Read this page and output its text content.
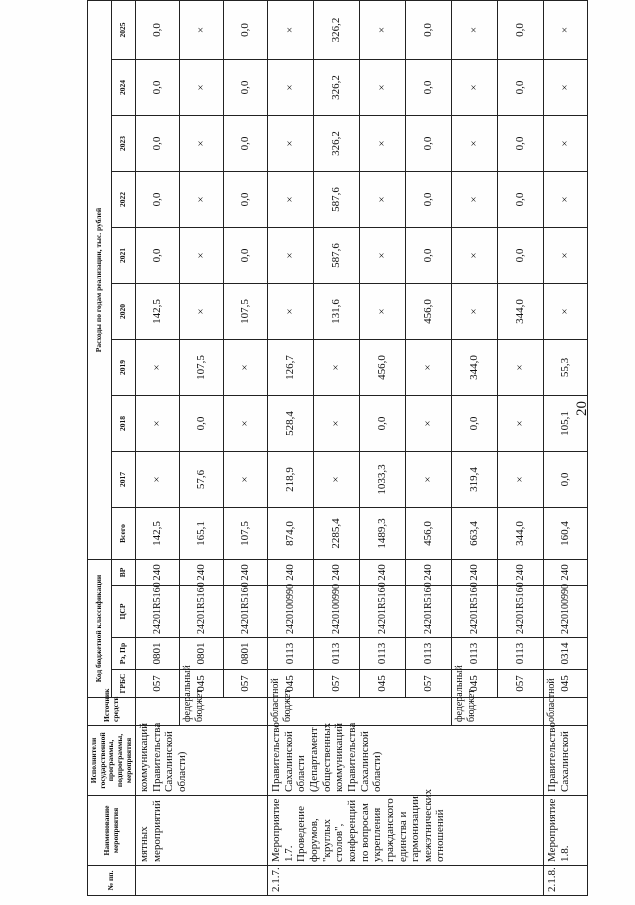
20
№ пп.	Наименование мероприятия	Исполнители государственной программы, подпрограммы, мероприятия	Источник средств	Код бюджетной классификации				Расходы по годам реализации, тыс. рублей									
				ГРБС	Рз, Пр	ЦСР	ВР	Всего	2017	2018	2019	2020	2021	2022	2023	2024	2025
	мятных мероприятий	коммуникаций Правительства Сахалинской области)		057	0801	24201R5160	240	142,5	×	×	×	142,5	0,0	0,0	0,0	0,0	0,0
			федеральный бюджет	045	0801	24201R5160	240	165,1	57,6	0,0	107,5	×	×	×	×	×	×
				057	0801	24201R5160	240	107,5	×	×	×	107,5	0,0	0,0	0,0	0,0	0,0
2.1.7.	Мероприятие 1.7. Проведение форумов, "круглых столов", конференций по вопросам укрепления гражданского единства и гармонизации межэтнических отношений	Правительство Сахалинской области (Департамент общественных коммуникаций Правительства Сахалинской области)	областной бюджет	045	0113	2420100990	240	874,0	218,9	528,4	126,7	×	×	×	×	×	×
				057	0113	2420100990	240	2285,4	×	×	×	131,6	587,6	587,6	326,2	326,2	326,2
				045	0113	24201R5160	240	1489,3	1033,3	0,0	456,0	×	×	×	×	×	×
				057	0113	24201R5160	240	456,0	×	×	×	456,0	0,0	0,0	0,0	0,0	0,0
			федеральный бюджет	045	0113	24201R5160	240	663,4	319,4	0,0	344,0	×	×	×	×	×	×
				057	0113	24201R5160	240	344,0	×	×	×	344,0	0,0	0,0	0,0	0,0	0,0
2.1.8.	Мероприятие 1.8.	Правительство Сахалинской	областной	045	0314	2420100990	240	160,4	0,0	105,1	55,3	×	×	×	×	×	×
